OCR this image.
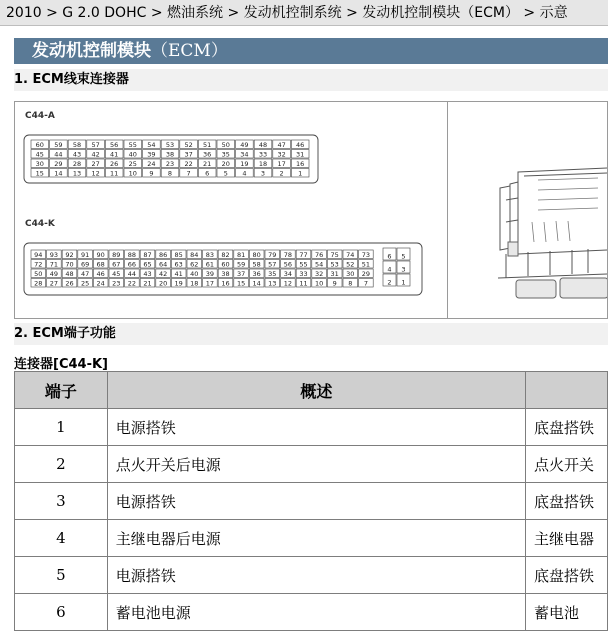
2010 > G 2.0 DOHC > 燃油系统 > 发动机控制系统 > 发动机控制模块（ECM） > 示意
发动机控制模块（ECM）
1. ECM线束连接器
C44-A
C44-K
60 59 58 57 56 55 54 53 52 51 50 49 48 47 46
45 44 43 42 41 40 39 38 37 36 35 34 33 32 31
30 29 28 27 26 25 24 23 22 21 20 19 18 17 16
15 14 13 12 11 10 9 8 7 6 5 4 3 2 1
94 93 92 91 90 89 88 87 86 85 84 83 82 81 80 79 78 77 76 75 74 73
72 71 70 69 68 67 66 65 64 63 62 61 60 59 58 57 56 55 54 53 52 51
50 49 48 47 46 45 44 43 42 41 40 39 38 37 36 35 34 33 32 31 30 29
28 27 26 25 24 23 22 21 20 19 18 17 16 15 14 13 12 11 10 9 8 7
6 5
4 3
2 1
2. ECM端子功能
连接器[C44-K]
端子	概述	
1	电源搭铁	底盘搭铁
2	点火开关后电源	点火开关
3	电源搭铁	底盘搭铁
4	主继电器后电源	主继电器
5	电源搭铁	底盘搭铁
6	蓄电池电源	蓄电池
